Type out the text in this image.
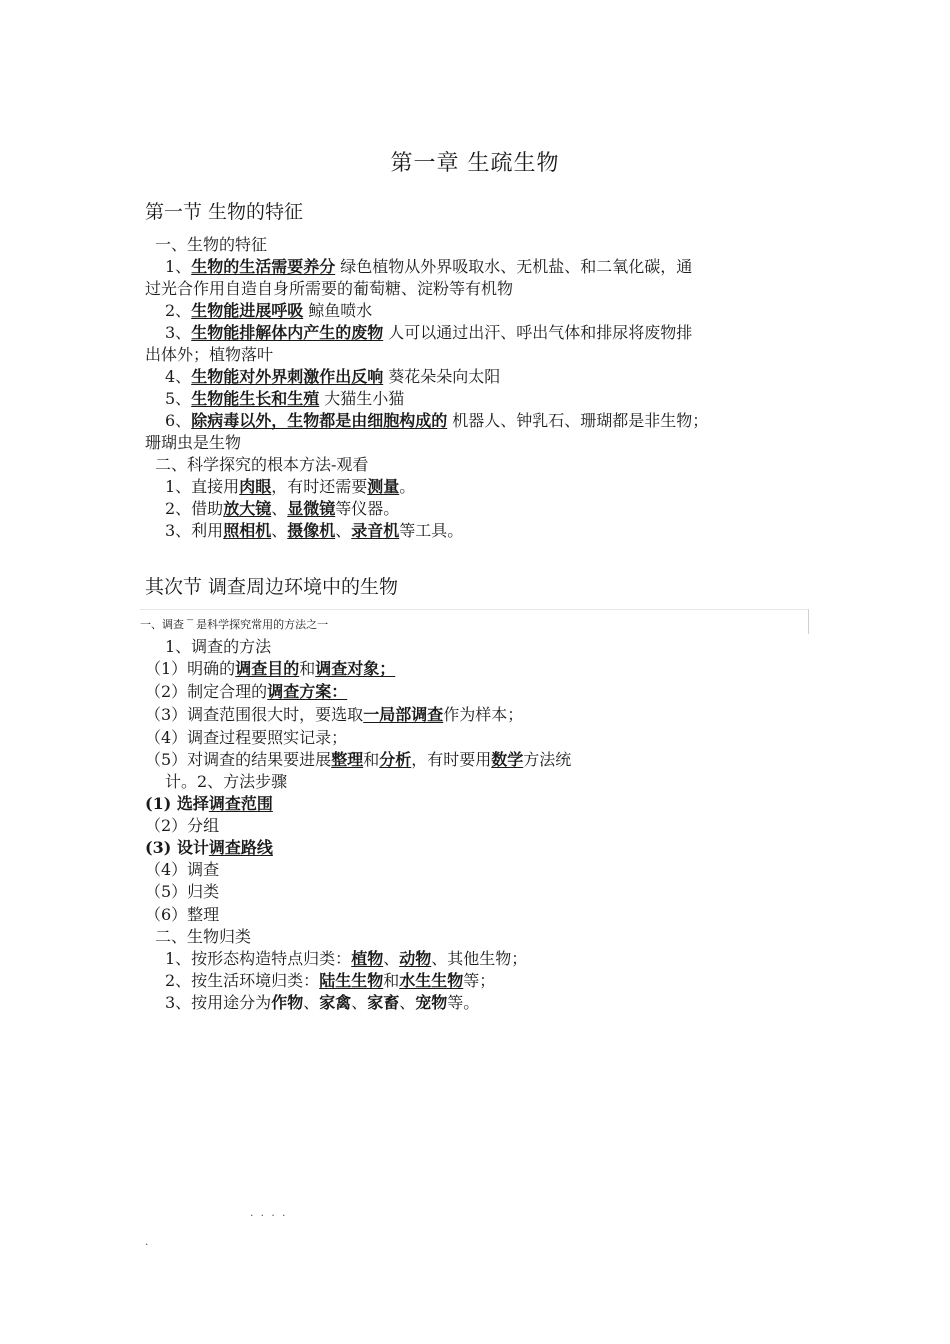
第一章 生疏生物
第一节 生物的特征
一、生物的特征
1、生物的生活需要养分 绿色植物从外界吸取水、无机盐、和二氧化碳，通
过光合作用自造自身所需要的葡萄糖、淀粉等有机物
2、生物能进展呼吸 鲸鱼喷水
3、生物能排解体内产生的废物 人可以通过出汗、呼出气体和排尿将废物排
出体外；植物落叶
4、生物能对外界刺激作出反响 葵花朵朵向太阳
5、生物能生长和生殖 大猫生小猫
6、除病毒以外，生物都是由细胞构成的 机器人、钟乳石、珊瑚都是非生物；
珊瑚虫是生物
二、科学探究的根本方法-观看
1、直接用肉眼，有时还需要测量。
2、借助放大镜、显微镜等仪器。
3、利用照相机、摄像机、录音机等工具。
其次节 调查周边环境中的生物
一、调查 ¯ 是科学探究常用的方法之一
1、调查的方法
（1）明确的调查目的和调查对象；
（2）制定合理的调查方案：
（3）调查范围很大时，要选取一局部调查作为样本；
（4）调查过程要照实记录；
（5）对调查的结果要进展整理和分析，有时要用数学方法统
计。2、方法步骤
(1) 选择调查范围
（2）分组
(3) 设计调查路线
（4）调查
（5）归类
（6）整理
二、生物归类
1、按形态构造特点归类：植物、动物、其他生物；
2、按生活环境归类：陆生生物和水生生物等；
3、按用途分为作物、家禽、家畜、宠物等。
. . . .
.
